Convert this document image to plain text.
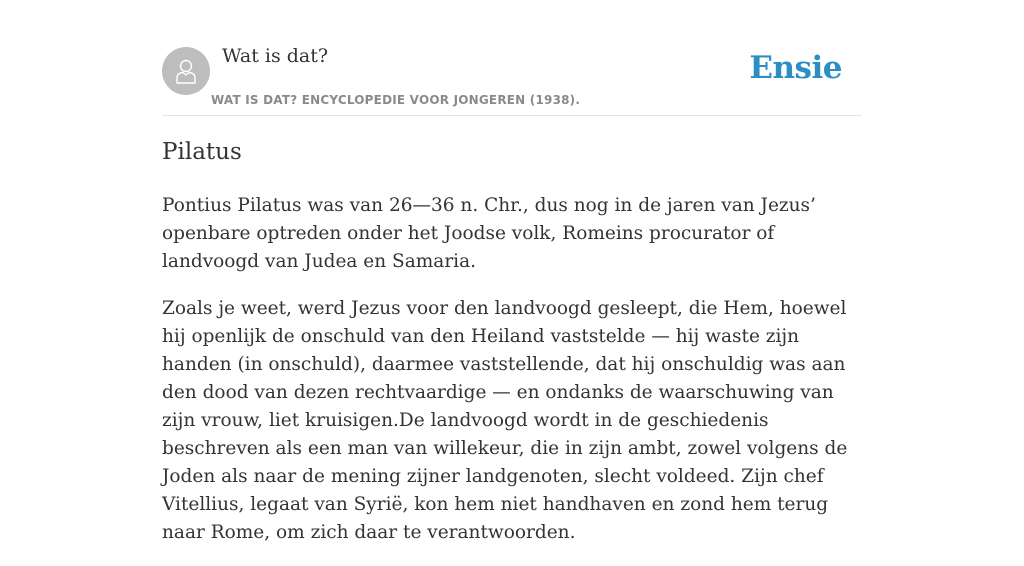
Wat is dat?
WAT IS DAT? ENCYCLOPEDIE VOOR JONGEREN (1938).
Ensie
Pilatus

Pontius Pilatus was van 26—36 n. Chr., dus nog in de jaren van Jezus’ openbare optreden onder het Joodse volk, Romeins procurator of landvoogd van Judea en Samaria.

Zoals je weet, werd Jezus voor den landvoogd gesleept, die Hem, hoewel hij openlijk de onschuld van den Heiland vaststelde — hij waste zijn handen (in onschuld), daarmee vaststellende, dat hij onschuldig was aan den dood van dezen rechtvaardige — en ondanks de waarschuwing van zijn vrouw, liet kruisigen.De landvoogd wordt in de geschiedenis beschreven als een man van willekeur, die in zijn ambt, zowel volgens de Joden als naar de mening zijner landgenoten, slecht voldeed. Zijn chef Vitellius, legaat van Syrië, kon hem niet handhaven en zond hem terug naar Rome, om zich daar te verantwoorden.
